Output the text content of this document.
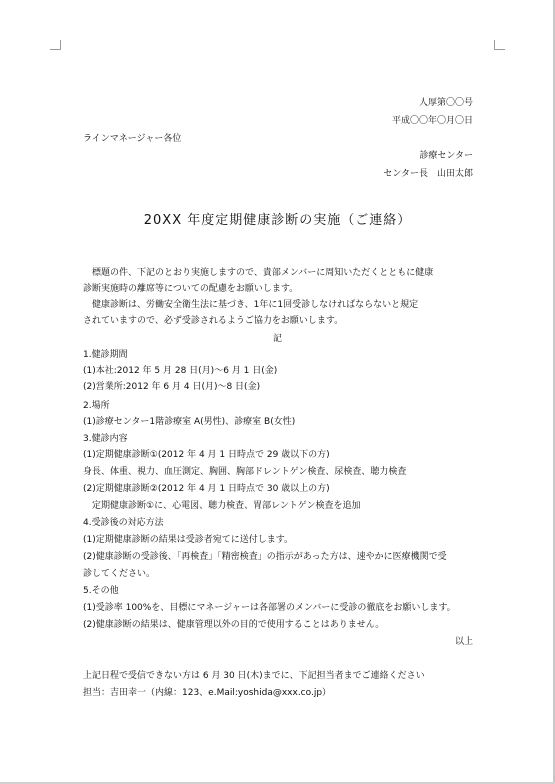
人厚第〇〇号
平成〇〇年〇月〇日
ラインマネージャー各位
診療センター
センター長　山田太郎
20XX 年度定期健康診断の実施（ご連絡）
　標題の件、下記のとおり実施しますので、貴部メンバーに周知いただくとともに健康
診断実施時の離席等についての配慮をお願いします。
　健康診断は、労働安全衛生法に基づき、1年に1回受診しなければならないと規定
されていますので、必ず受診されるようご協力をお願いします。
記
1.健診期間
(1)本社:2012 年 5 月 28 日(月)～6 月 1 日(金)
(2)営業所:2012 年 6 月 4 日(月)～8 日(金)
2.場所
(1)診療センター1階診療室 A(男性)、診療室 B(女性)
3.健診内容
(1)定期健康診断①(2012 年 4 月 1 日時点で 29 歳以下の方)
身長、体重、視力、血圧測定、胸囲、胸部ドレントゲン検査、尿検査、聴力検査
(2)定期健康診断②(2012 年 4 月 1 日時点で 30 歳以上の方)
　定期健康診断①に、心電図、聴力検査、胃部レントゲン検査を追加
4.受診後の対応方法
(1)定期健康診断の結果は受診者宛てに送付します。
(2)健康診断の受診後、「再検査」「精密検査」の指示があった方は、速やかに医療機関で受
診してください。
5.その他
(1)受診率 100%を、目標にマネージャーは各部署のメンバーに受診の徹底をお願いします。
(2)健康診断の結果は、健康管理以外の目的で使用することはありません。
以上
上記日程で受信できない方は 6 月 30 日(木)までに、下記担当者までご連絡ください
担当：吉田幸一（内線：123、e.Mail:yoshida@xxx.co.jp）
